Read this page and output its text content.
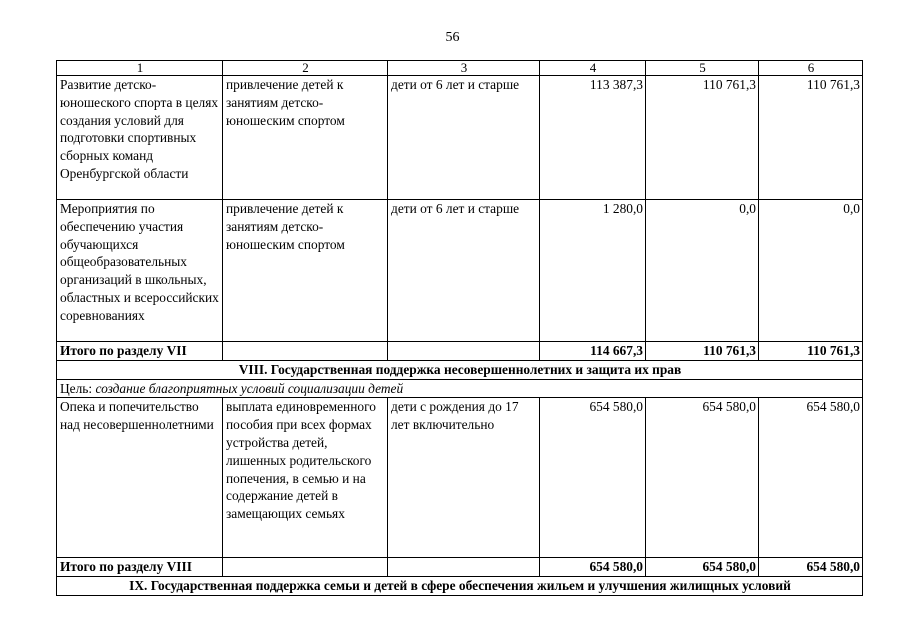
56
1	2	3	4	5	6
Развитие детско-юношеского спорта в целях создания условий для подготовки спортивных сборных команд Оренбургской области	привлечение детей к занятиям детско-юношеским спортом	дети от 6 лет и старше	113 387,3	110 761,3	110 761,3
Мероприятия по обеспечению участия обучающихся общеобразовательных организаций в школьных, областных и всероссийских соревнованиях	привлечение детей к занятиям детско-юношеским спортом	дети от 6 лет и старше	1 280,0	0,0	0,0
Итого по разделу VII			114 667,3	110 761,3	110 761,3
VIII. Государственная поддержка несовершеннолетних и защита их прав					
Цель: создание благоприятных условий социализации детей					
Опека и попечительство над несовершеннолетними	выплата единовременного пособия при всех формах устройства детей, лишенных родительского попечения, в семью и на содержание детей в замещающих семьях	дети с рождения до 17 лет включительно	654 580,0	654 580,0	654 580,0
Итого по разделу VIII			654 580,0	654 580,0	654 580,0
IX. Государственная поддержка семьи и детей в сфере обеспечения жильем и улучшения жилищных условий					
